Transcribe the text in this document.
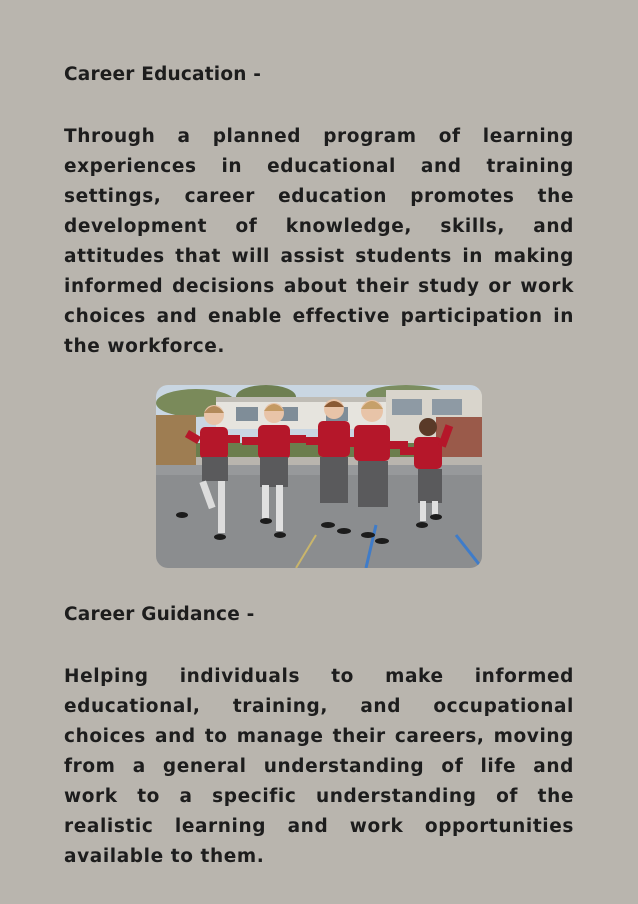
Career Education -

Through a planned program of learning experiences in educational and training settings, career education promotes the development of knowledge, skills, and attitudes that will assist students in making informed decisions about their study or work choices and enable effective participation in the workforce.

Career Guidance -

Helping individuals to make informed educational, training, and occupational choices and to manage their careers, moving from a general understanding of life and work to a specific understanding of the realistic learning and work opportunities available to them.
